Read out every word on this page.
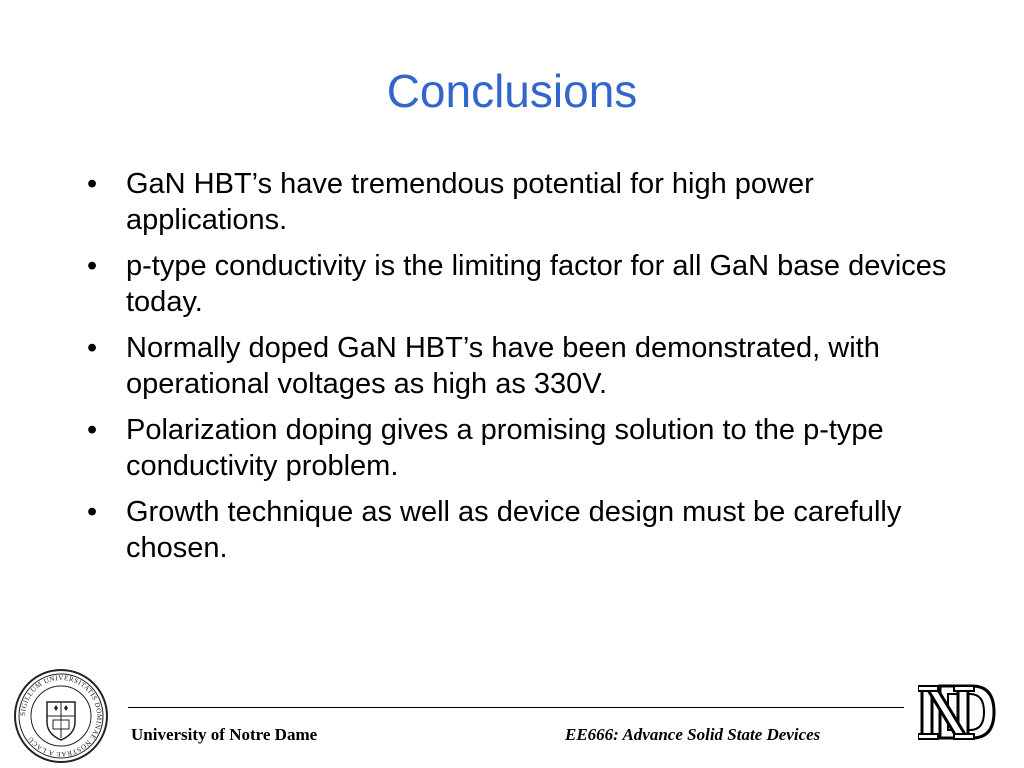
Conclusions
• GaN HBT’s have tremendous potential for high power applications.
• p-type conductivity is the limiting factor for all GaN base devices today.
• Normally doped GaN HBT’s have been demonstrated, with operational voltages as high as 330V.
• Polarization doping gives a promising solution to the p-type conductivity problem.
• Growth technique as well as device design must be carefully chosen.
SIGILLUM UNIVERSITATIS DOMINAE NOSTRAE A LACU	University of Notre Dame	EE666: Advance Solid State Devices
